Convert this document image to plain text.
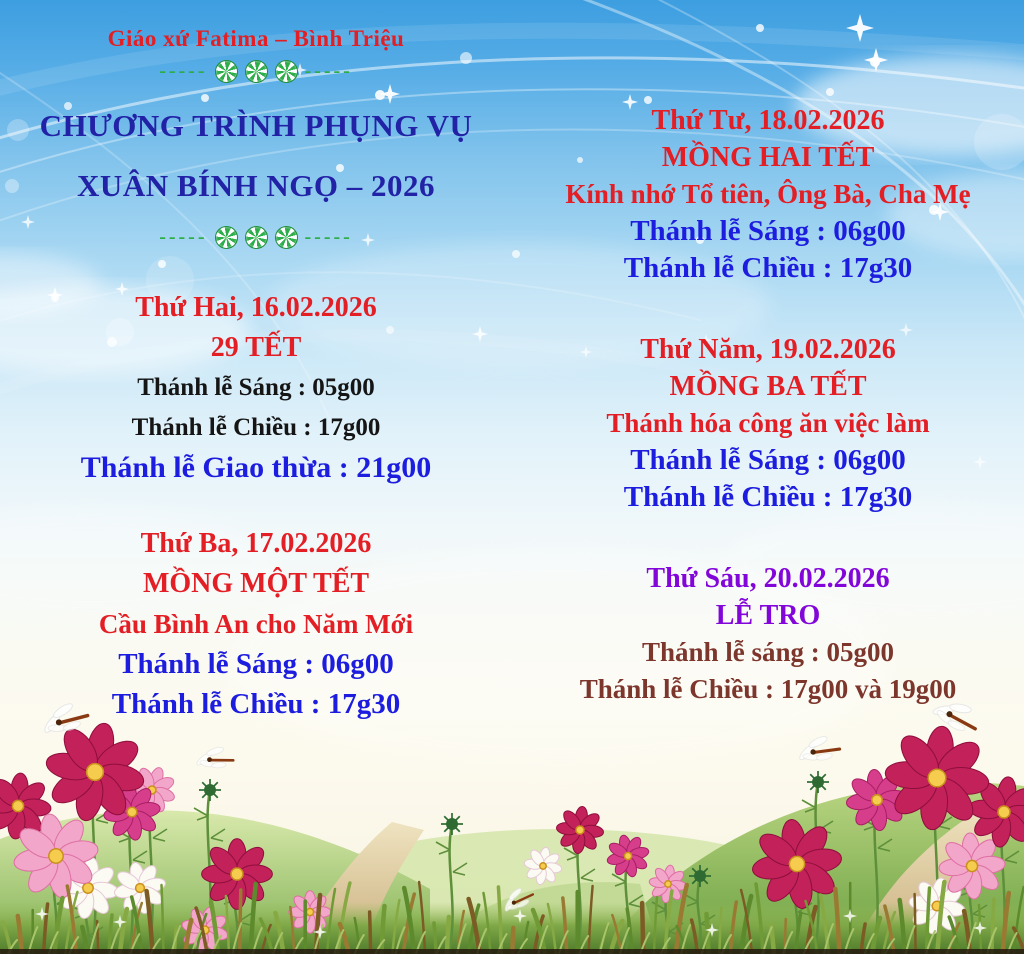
Giáo xứ Fatima – Bình Triệu
-----	-----
CHƯƠNG TRÌNH PHỤNG VỤ
XUÂN BÍNH NGỌ – 2026
-----	-----
Thứ Hai, 16.02.2026
29 TẾT
Thánh lễ Sáng : 05g00
Thánh lễ Chiều : 17g00
Thánh lễ Giao thừa : 21g00
Thứ Ba, 17.02.2026
MỒNG MỘT TẾT
Cầu Bình An cho Năm Mới
Thánh lễ Sáng : 06g00
Thánh lễ Chiều : 17g30
Thứ Tư, 18.02.2026
MỒNG HAI TẾT
Kính nhớ Tổ tiên, Ông Bà, Cha Mẹ
Thánh lễ Sáng : 06g00
Thánh lễ Chiều : 17g30
Thứ Năm, 19.02.2026
MỒNG BA TẾT
Thánh hóa công ăn việc làm
Thánh lễ Sáng : 06g00
Thánh lễ Chiều : 17g30
Thứ Sáu, 20.02.2026
LỄ TRO
Thánh lễ sáng : 05g00
Thánh lễ Chiều : 17g00 và 19g00
